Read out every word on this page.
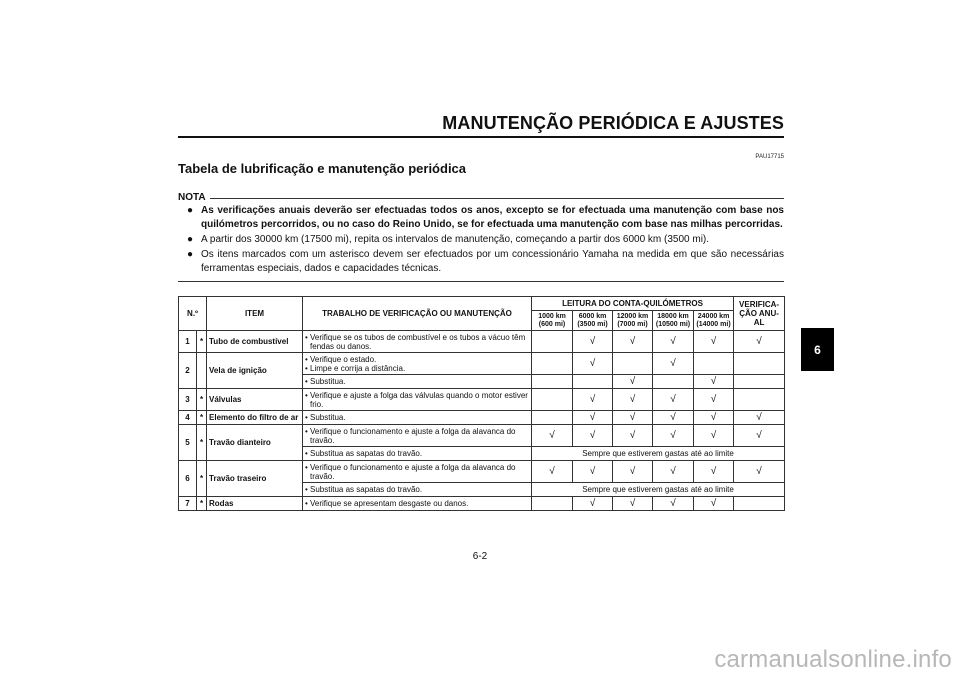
MANUTENÇÃO PERIÓDICA E AJUSTES
PAU17715
Tabela de lubrificação e manutenção periódica
NOTA
● As verificações anuais deverão ser efectuadas todos os anos, excepto se for efectuada uma manutenção com base nos quilómetros percorridos, ou no caso do Reino Unido, se for efectuada uma manutenção com base nas milhas percorridas.
● A partir dos 30000 km (17500 mi), repita os intervalos de manutenção, começando a partir dos 6000 km (3500 mi).
● Os itens marcados com um asterisco devem ser efectuados por um concessionário Yamaha na medida em que são necessárias ferramentas especiais, dados e capacidades técnicas.
N.º		ITEM	TRABALHO DE VERIFICAÇÃO OU MANUTENÇÃO	LEITURA DO CONTA-QUILÓMETROS					VERIFICA-ÇÃO ANU-AL
				1000 km (600 mi)	6000 km (3500 mi)	12000 km (7000 mi)	18000 km (10500 mi)	24000 km (14000 mi)	
1	*	Tubo de combustível	• Verifique se os tubos de combustível e os tubos a vácuo têm fendas ou danos.		√	√	√	√	√
2		Vela de ignição	• Verifique o estado.
• Limpe e corrija a distância.		√		√		

			• Substitua.			√		√	
3	*	Válvulas	• Verifique e ajuste a folga das válvulas quando o motor estiver frio.		√	√	√	√	
4	*	Elemento do filtro de ar	• Substitua.		√	√	√	√	√
5	*	Travão dianteiro	• Verifique o funcionamento e ajuste a folga da alavanca do travão.	√	√	√	√	√	√

			• Substitua as sapatas do travão.	Sempre que estiverem gastas até ao limite					
6	*	Travão traseiro	• Verifique o funcionamento e ajuste a folga da alavanca do travão.	√	√	√	√	√	√

			• Substitua as sapatas do travão.	Sempre que estiverem gastas até ao limite					
7	*	Rodas	• Verifique se apresentam desgaste ou danos.		√	√	√	√	
6
6-2
carmanualsonline.info
